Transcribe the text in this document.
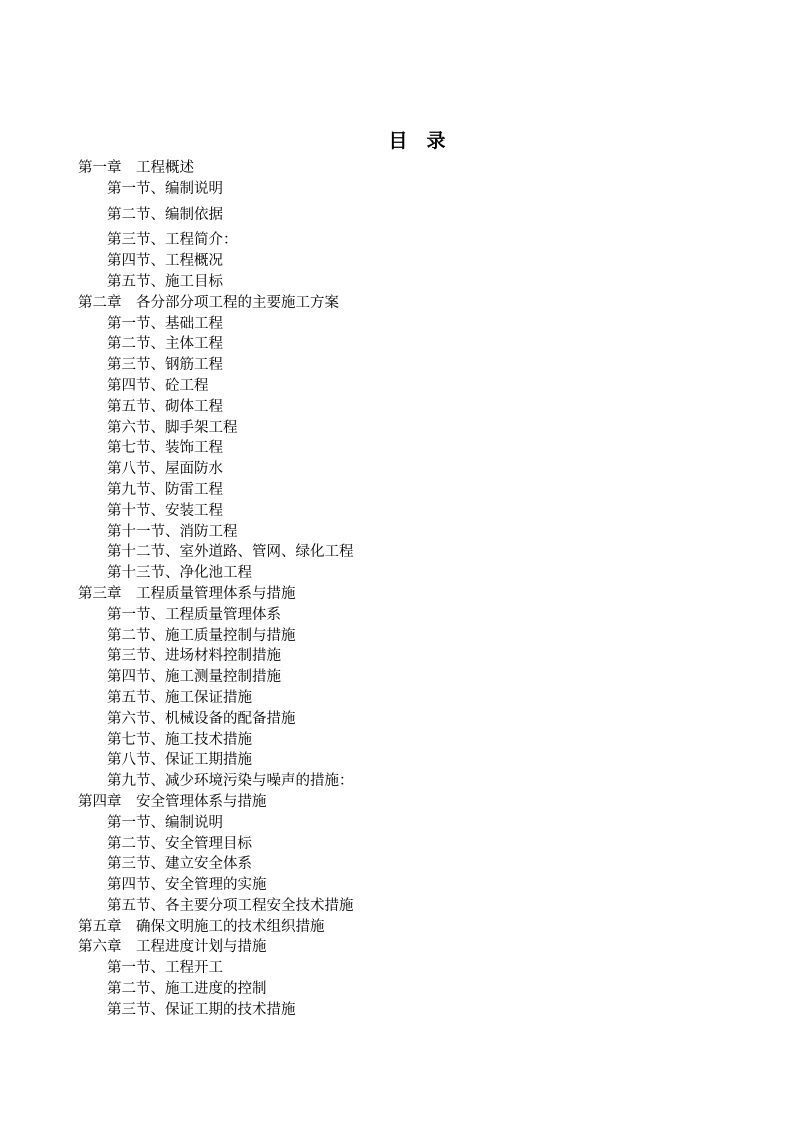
目　录
第一章　工程概述
第一节、编制说明
第二节、编制依据
第三节、工程简介：
第四节、工程概况
第五节、施工目标
第二章　各分部分项工程的主要施工方案
第一节、基础工程
第二节、主体工程
第三节、钢筋工程
第四节、砼工程
第五节、砌体工程
第六节、脚手架工程
第七节、装饰工程
第八节、屋面防水
第九节、防雷工程
第十节、安装工程
第十一节、消防工程
第十二节、室外道路、管网、绿化工程
第十三节、净化池工程
第三章　工程质量管理体系与措施
第一节、工程质量管理体系
第二节、施工质量控制与措施
第三节、进场材料控制措施
第四节、施工测量控制措施
第五节、施工保证措施
第六节、机械设备的配备措施
第七节、施工技术措施
第八节、保证工期措施
第九节、减少环境污染与噪声的措施：
第四章　安全管理体系与措施
第一节、编制说明
第二节、安全管理目标
第三节、建立安全体系
第四节、安全管理的实施
第五节、各主要分项工程安全技术措施
第五章　确保文明施工的技术组织措施
第六章　工程进度计划与措施
第一节、工程开工
第二节、施工进度的控制
第三节、保证工期的技术措施
